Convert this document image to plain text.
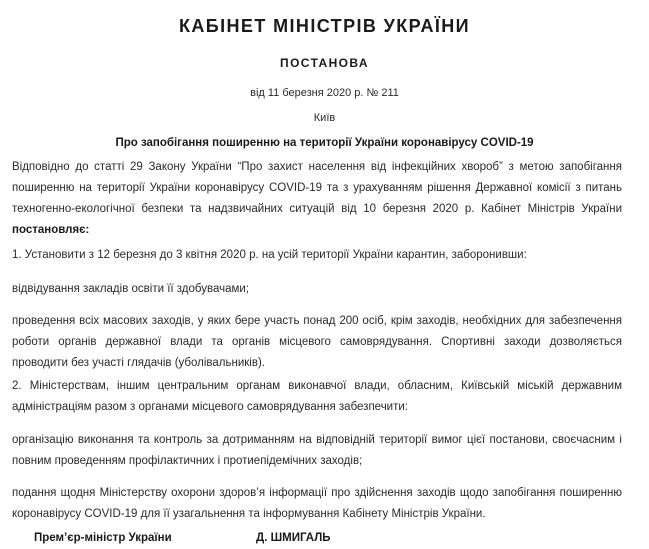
КАБІНЕТ МІНІСТРІВ УКРАЇНИ
ПОСТАНОВА
від 11 березня 2020 р. № 211
Київ
Про запобігання поширенню на території України коронавірусу COVID-19

Відповідно до статті 29 Закону України “Про захист населення від інфекційних хвороб” з метою запобігання поширенню на території України коронавірусу COVID-19 та з урахуванням рішення Державної комісії з питань техногенно-екологічної безпеки та надзвичайних ситуацій від 10 березня 2020 р. Кабінет Міністрів України постановляє:

1. Установити з 12 березня до 3 квітня 2020 р. на усій території України карантин, заборонивши:

відвідування закладів освіти її здобувачами;

проведення всіх масових заходів, у яких бере участь понад 200 осіб, крім заходів, необхідних для забезпечення роботи органів державної влади та органів місцевого самоврядування. Спортивні заходи дозволяється проводити без участі глядачів (уболівальників).

2. Міністерствам, іншим центральним органам виконавчої влади, обласним, Київській міській державним адміністраціям разом з органами місцевого самоврядування забезпечити:

організацію виконання та контроль за дотриманням на відповідній території вимог цієї постанови, своєчасним і повним проведенням профілактичних і протиепідемічних заходів;

подання щодня Міністерству охорони здоров’я інформації про здійснення заходів щодо запобігання поширенню коронавірусу COVID-19 для її узагальнення та інформування Кабінету Міністрів України.

Прем’єр-міністр України	Д. ШМИГАЛЬ
